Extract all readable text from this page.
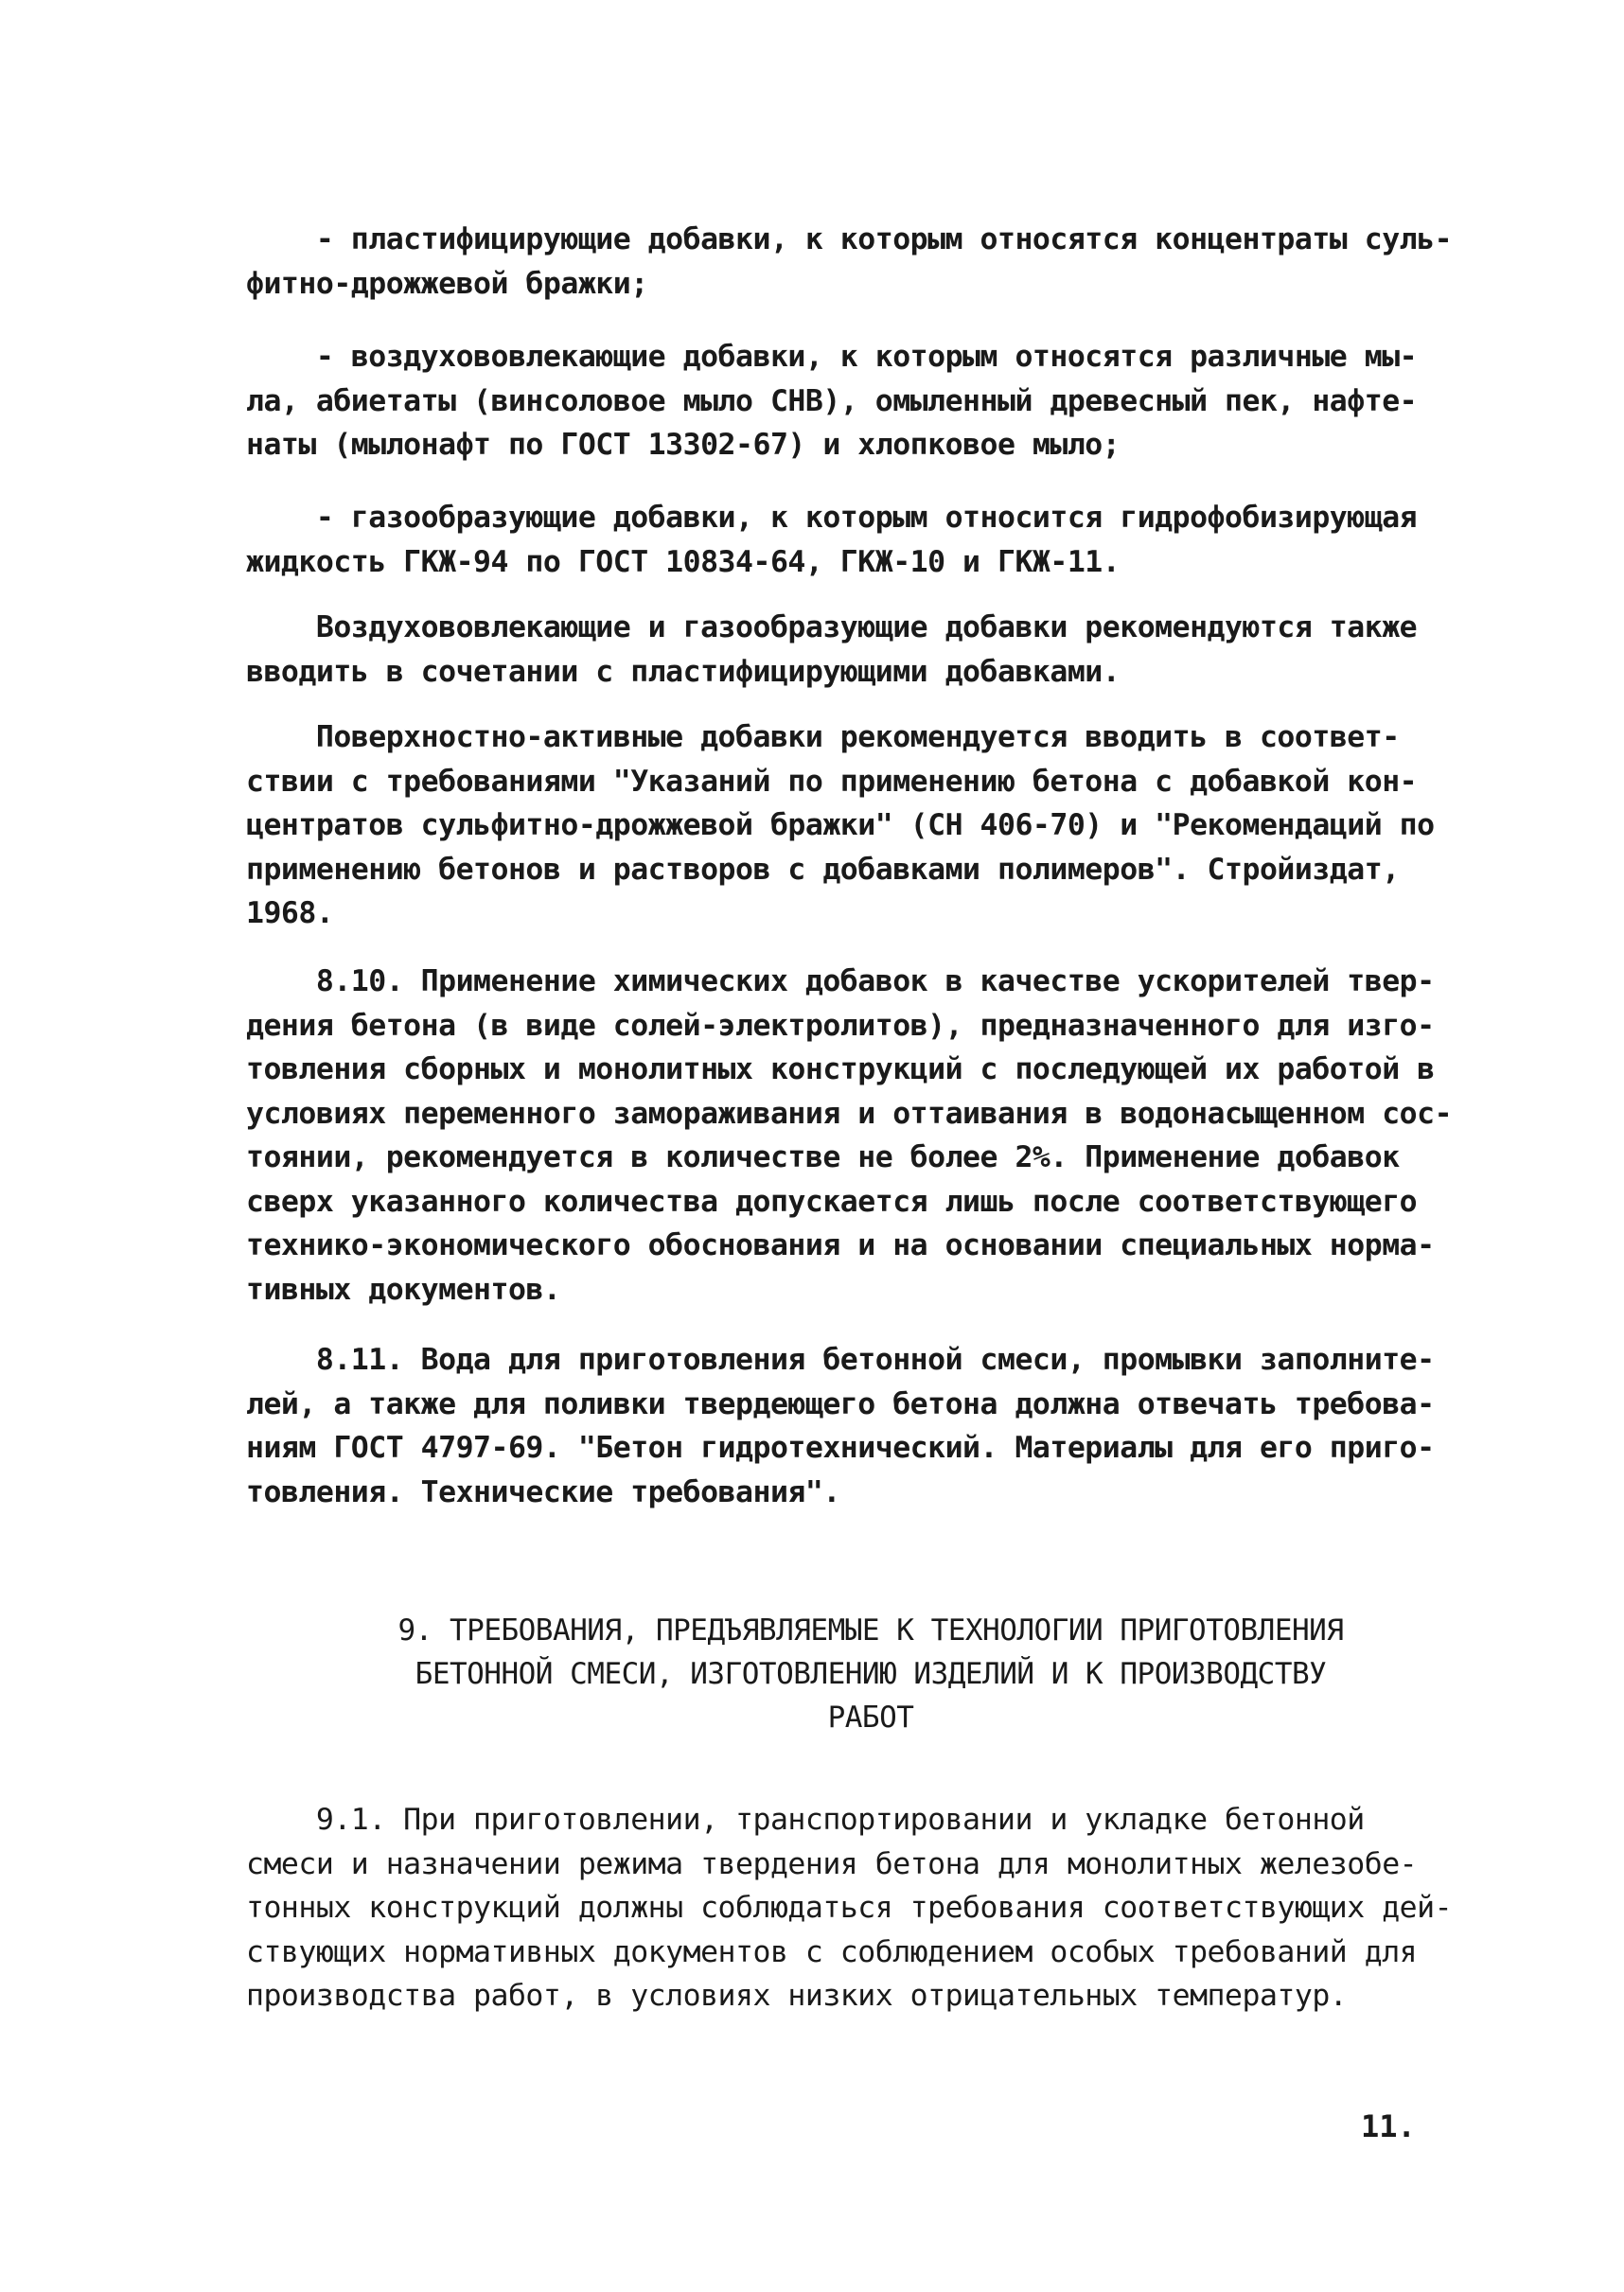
- пластифицирующие добавки, к которым относятся концентраты суль-
фитно-дрожжевой бражки;
- воздухововлекающие добавки, к которым относятся различные мы-
ла, абиетаты (винсоловое мыло СНВ), омыленный древесный пек, нафте-
наты (мылонафт по ГОСТ 13302-67) и хлопковое мыло;
- газообразующие добавки, к которым относится гидрофобизирующая
жидкость ГКЖ-94 по ГОСТ 10834-64, ГКЖ-10 и ГКЖ-11.
Воздухововлекающие и газообразующие добавки рекомендуются также
вводить в сочетании с пластифицирующими добавками.
Поверхностно-активные добавки рекомендуется вводить в соответ-
ствии с требованиями "Указаний по применению бетона с добавкой кон-
центратов сульфитно-дрожжевой бражки" (СН 406-70) и "Рекомендаций по
применению бетонов и растворов с добавками полимеров". Стройиздат,
1968.
8.10. Применение химических добавок в качестве ускорителей твер-
дения бетона (в виде солей-электролитов), предназначенного для изго-
товления сборных и монолитных конструкций с последующей их работой в
условиях переменного замораживания и оттаивания в водонасыщенном сос-
тоянии, рекомендуется в количестве не более 2%. Применение добавок
сверх указанного количества допускается лишь после соответствующего
технико-экономического обоснования и на основании специальных норма-
тивных документов.
8.11. Вода для приготовления бетонной смеси, промывки заполните-
лей, а также для поливки твердеющего бетона должна отвечать требова-
ниям ГОСТ 4797-69. "Бетон гидротехнический. Материалы для его приго-
товления. Технические требования".
9. ТРЕБОВАНИЯ, ПРЕДЪЯВЛЯЕМЫЕ К ТЕХНОЛОГИИ ПРИГОТОВЛЕНИЯ
БЕТОННОЙ СМЕСИ, ИЗГОТОВЛЕНИЮ ИЗДЕЛИЙ И К ПРОИЗВОДСТВУ
РАБОТ
9.1. При приготовлении, транспортировании и укладке бетонной
смеси и назначении режима твердения бетона для монолитных железобе-
тонных конструкций должны соблюдаться требования соответствующих дей-
ствующих нормативных документов с соблюдением особых требований для
производства работ, в условиях низких отрицательных температур.
11.
